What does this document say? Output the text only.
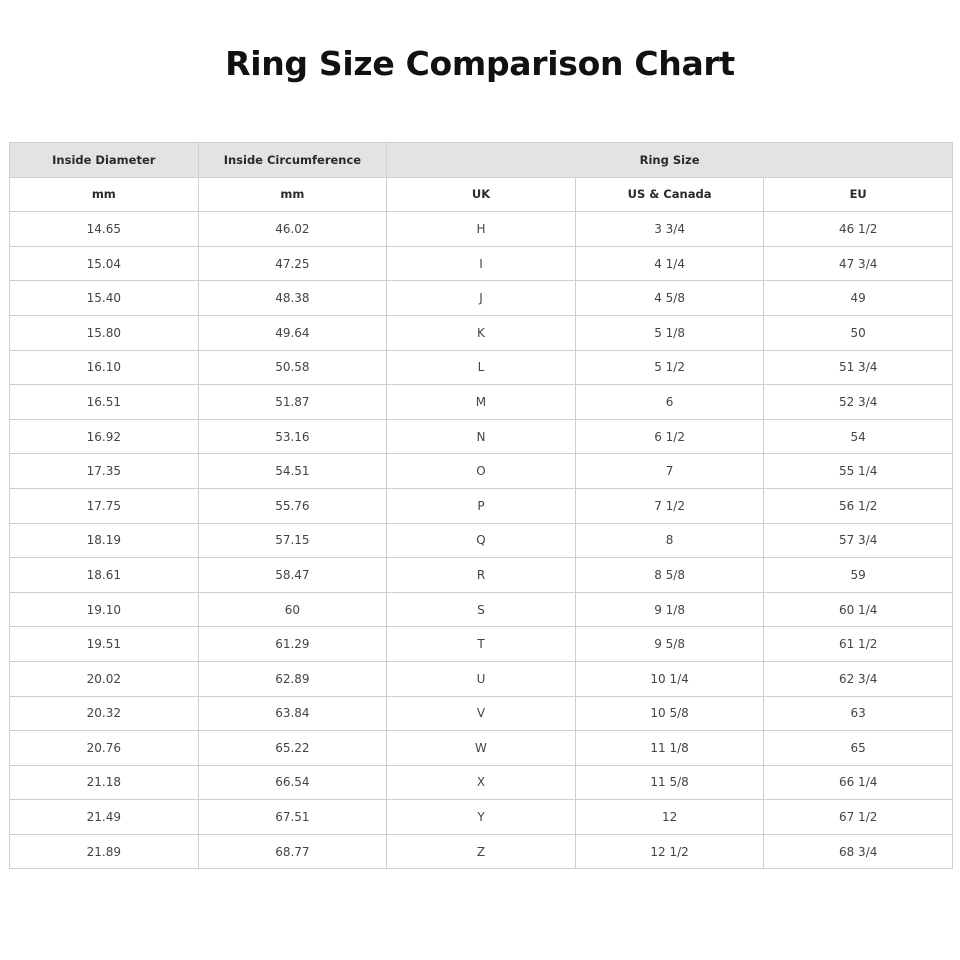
Ring Size Comparison Chart
Inside Diameter	Inside Circumference	Ring Size		
mm	mm	UK	US & Canada	EU
14.65	46.02	H	3 3/4	46 1/2
15.04	47.25	I	4 1/4	47 3/4
15.40	48.38	J	4 5/8	49
15.80	49.64	K	5 1/8	50
16.10	50.58	L	5 1/2	51 3/4
16.51	51.87	M	6	52 3/4
16.92	53.16	N	6 1/2	54
17.35	54.51	O	7	55 1/4
17.75	55.76	P	7 1/2	56 1/2
18.19	57.15	Q	8	57 3/4
18.61	58.47	R	8 5/8	59
19.10	60	S	9 1/8	60 1/4
19.51	61.29	T	9 5/8	61 1/2
20.02	62.89	U	10 1/4	62 3/4
20.32	63.84	V	10 5/8	63
20.76	65.22	W	11 1/8	65
21.18	66.54	X	11 5/8	66 1/4
21.49	67.51	Y	12	67 1/2
21.89	68.77	Z	12 1/2	68 3/4
